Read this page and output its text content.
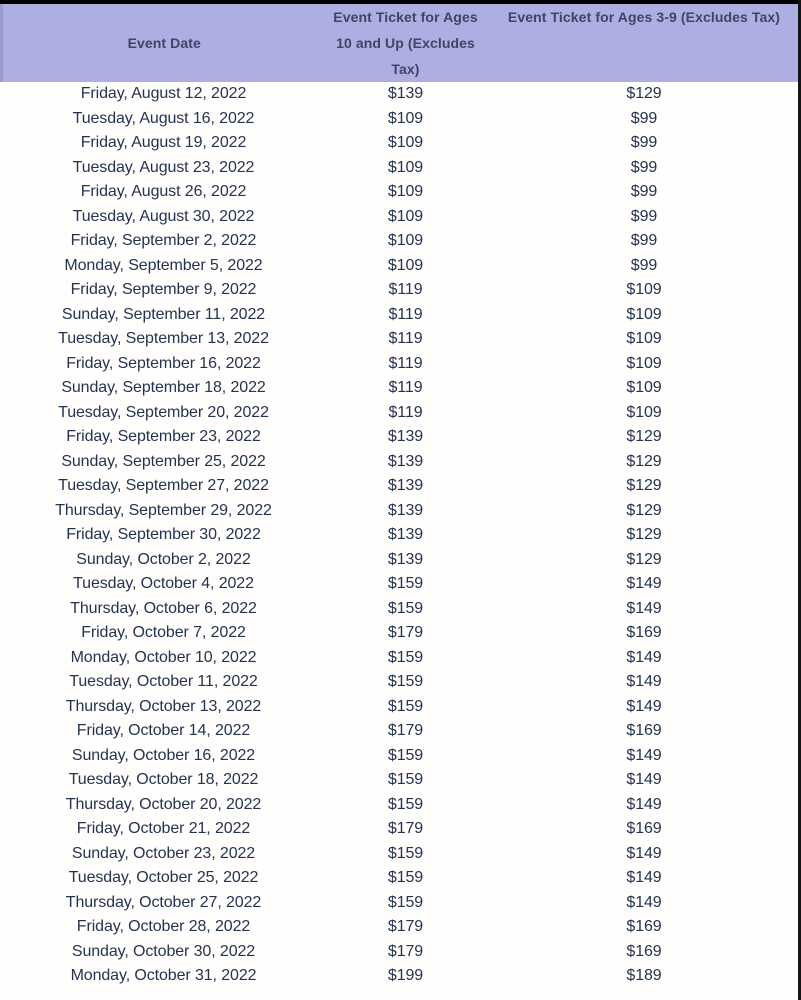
Event Date	Event Ticket for Ages 10 and Up (Excludes Tax)	Event Ticket for Ages 3-9 (Excludes Tax)
Friday, August 12, 2022	$139	$129
Tuesday, August 16, 2022	$109	$99
Friday, August 19, 2022	$109	$99
Tuesday, August 23, 2022	$109	$99
Friday, August 26, 2022	$109	$99
Tuesday, August 30, 2022	$109	$99
Friday, September 2, 2022	$109	$99
Monday, September 5, 2022	$109	$99
Friday, September 9, 2022	$119	$109
Sunday, September 11, 2022	$119	$109
Tuesday, September 13, 2022	$119	$109
Friday, September 16, 2022	$119	$109
Sunday, September 18, 2022	$119	$109
Tuesday, September 20, 2022	$119	$109
Friday, September 23, 2022	$139	$129
Sunday, September 25, 2022	$139	$129
Tuesday, September 27, 2022	$139	$129
Thursday, September 29, 2022	$139	$129
Friday, September 30, 2022	$139	$129
Sunday, October 2, 2022	$139	$129
Tuesday, October 4, 2022	$159	$149
Thursday, October 6, 2022	$159	$149
Friday, October 7, 2022	$179	$169
Monday, October 10, 2022	$159	$149
Tuesday, October 11, 2022	$159	$149
Thursday, October 13, 2022	$159	$149
Friday, October 14, 2022	$179	$169
Sunday, October 16, 2022	$159	$149
Tuesday, October 18, 2022	$159	$149
Thursday, October 20, 2022	$159	$149
Friday, October 21, 2022	$179	$169
Sunday, October 23, 2022	$159	$149
Tuesday, October 25, 2022	$159	$149
Thursday, October 27, 2022	$159	$149
Friday, October 28, 2022	$179	$169
Sunday, October 30, 2022	$179	$169
Monday, October 31, 2022	$199	$189
